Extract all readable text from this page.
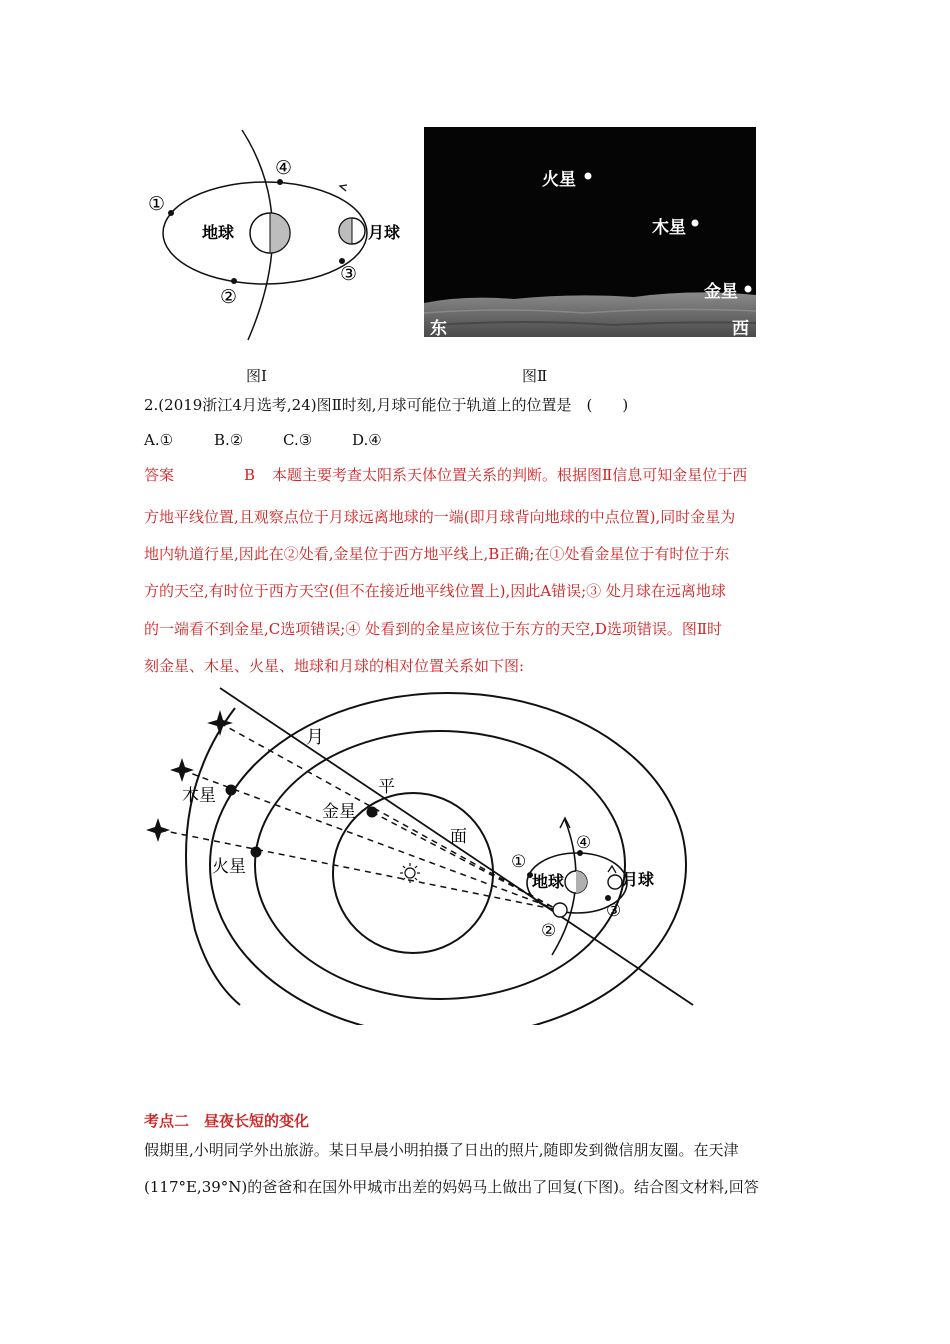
①
②
③
④
地球	月球
火星
木星
金星
东	西
图Ⅰ	图Ⅱ
2.(2019浙江4月选考,24)图Ⅱ时刻,月球可能位于轨道上的位置是　(　　)
A.①	B.②	C.③	D.④
答案	B 本题主要考查太阳系天体位置关系的判断。根据图Ⅱ信息可知金星位于西
方地平线位置,且观察点位于月球远离地球的一端(即月球背向地球的中点位置),同时金星为
地内轨道行星,因此在②处看,金星位于西方地平线上,B正确;在①处看金星位于有时位于东
方的天空,有时位于西方天空(但不在接近地平线位置上),因此A错误;③ 处月球在远离地球
的一端看不到金星,C选项错误;④ 处看到的金星应该位于东方的天空,D选项错误。图Ⅱ时
刻金星、木星、火星、地球和月球的相对位置关系如下图:
月
平
面
木星
金星
火星
地球	月球
①
②
③
④
考点二　昼夜长短的变化
假期里,小明同学外出旅游。某日早晨小明拍摄了日出的照片,随即发到微信朋友圈。在天津
(117°E,39°N)的爸爸和在国外甲城市出差的妈妈马上做出了回复(下图)。结合图文材料,回答
